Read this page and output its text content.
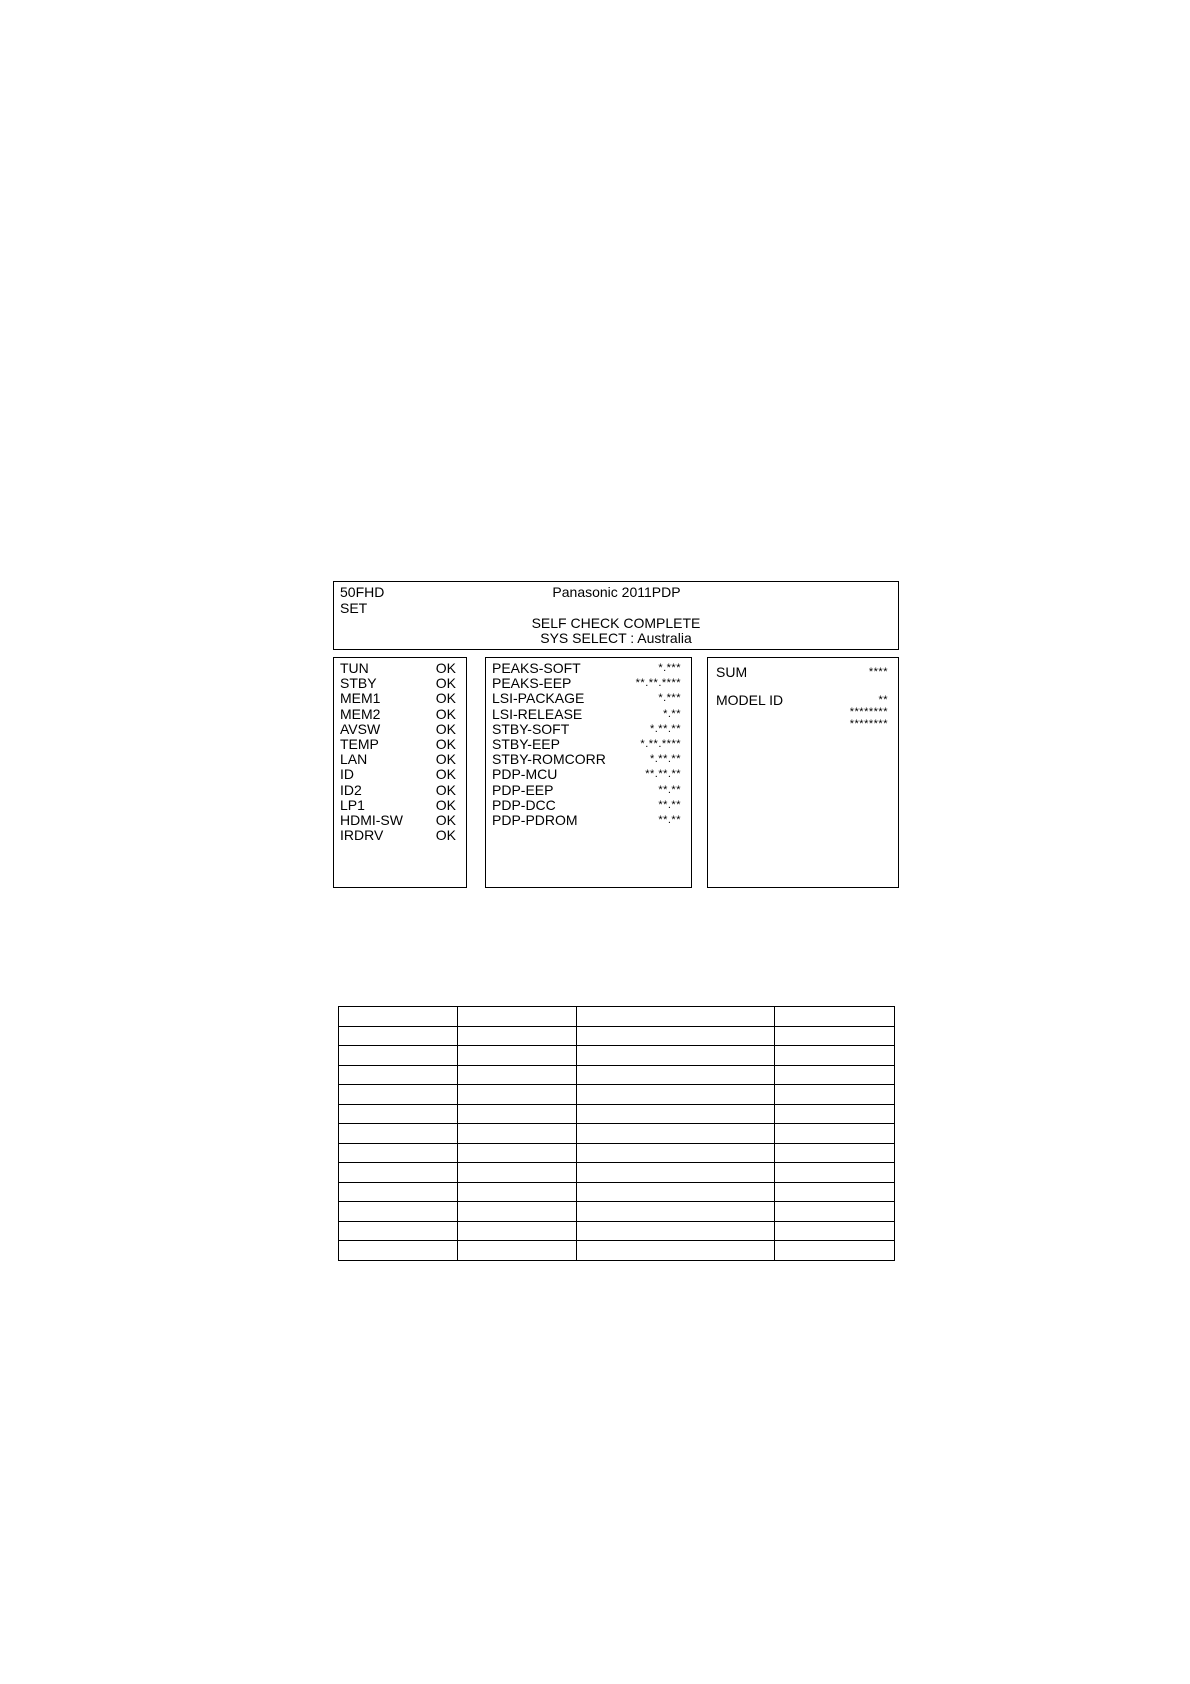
50FHD
SET
Panasonic 2011PDP
SELF CHECK COMPLETE
SYS SELECT : Australia
TUN	OK
STBY	OK
MEM1	OK
MEM2	OK
AVSW	OK
TEMP	OK
LAN	OK
ID	OK
ID2	OK
LP1	OK
HDMI-SW OK
IRDRV	OK
PEAKS-SOFT	*.***
PEAKS-EEP	**.**.****
LSI-PACKAGE	*.***
LSI-RELEASE	*.**
STBY-SOFT	*.**.**
STBY-EEP	*.**.****
STBY-ROMCORR	*.**.**
PDP-MCU	**.**.**
PDP-EEP	**.**
PDP-DCC	**.**
PDP-PDROM	**.**
SUM	****
MODEL ID	**
********
********
